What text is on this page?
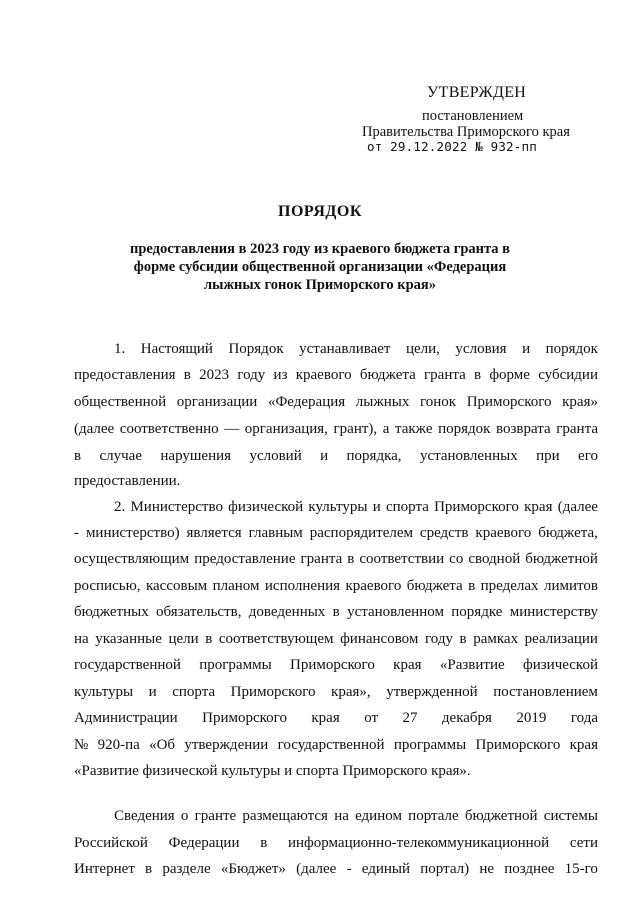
УТВЕРЖДЕН
постановлением
Правительства Приморского края
от 29.12.2022 № 932-пп
ПОРЯДОК
предоставления в 2023 году из краевого бюджета гранта в
форме субсидии общественной организации «Федерация
лыжных гонок Приморского края»
1. Настоящий Порядок устанавливает цели, условия и порядок
предоставления в 2023 году из краевого бюджета гранта в форме субсидии
общественной организации «Федерация лыжных гонок Приморского края»
(далее соответственно — организация, грант), а также порядок возврата гранта
в случае нарушения условий и порядка, установленных при его
предоставлении.
2. Министерство физической культуры и спорта Приморского края (далее
- министерство) является главным распорядителем средств краевого бюджета,
осуществляющим предоставление гранта в соответствии со сводной бюджетной
росписью, кассовым планом исполнения краевого бюджета в пределах лимитов
бюджетных обязательств, доведенных в установленном порядке министерству
на указанные цели в соответствующем финансовом году в рамках реализации
государственной программы Приморского края «Развитие физической
культуры и спорта Приморского края», утвержденной постановлением
Администрации Приморского края от 27 декабря 2019 года
№ 920-па «Об утверждении государственной программы Приморского края
«Развитие физической культуры и спорта Приморского края».
Сведения о гранте размещаются на едином портале бюджетной системы
Российской Федерации в информационно-телекоммуникационной сети
Интернет в разделе «Бюджет» (далее - единый портал) не позднее 15-го
